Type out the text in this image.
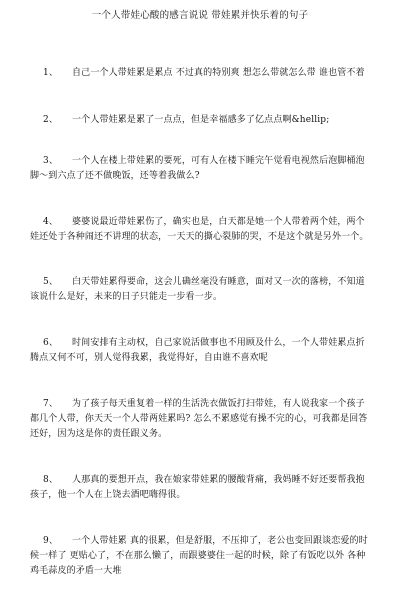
一个人带娃心酸的感言说说 带娃累并快乐着的句子

1、 自己一个人带娃累是累点 不过真的特别爽 想怎么带就怎么带 谁也管不着

2、 一个人带娃累是累了一点点，但是幸福感多了亿点点啊&hellip;

3、 一个人在楼上带娃累的要死，可有人在楼下睡完午觉看电视然后泡脚桶泡脚～到六点了还不做晚饭，还等着我做么?

4、 婆婆说最近带娃累伤了，确实也是，白天都是她一个人带着两个娃，两个娃还处于各种闹还不讲理的状态，一天天的撕心裂肺的哭，不是这个就是另外一个。

5、 白天带娃累得要命，这会儿确丝毫没有睡意，面对又一次的落榜，不知道该说什么是好，未来的日子只能走一步看一步。

6、 时间安排有主动权，自己家说活做事也不用顾及什么，一个人带娃累点折腾点又何不可，别人觉得我累，我觉得好，自由谁不喜欢呢

7、 为了孩子每天重复着一样的生活洗衣做饭打扫带娃，有人说我家一个孩子都几个人带，你天天一个人带两娃累吗? 怎么不累感觉有操不完的心，可我都是回答还好，因为这是你的责任跟义务。

8、 人那真的要想开点，我在娘家带娃累的腰酸背痛，我妈睡不好还要帮我抱孩子，他一个人在上饶去酒吧嗨得很。

9、 一个人带娃累 真的很累，但是舒服，不压抑了，老公也变回跟谈恋爱的时候一样了 更贴心了，不在那么懒了，而跟婆婆住一起的时候，除了有饭吃以外 各种鸡毛蒜皮的矛盾一大堆
